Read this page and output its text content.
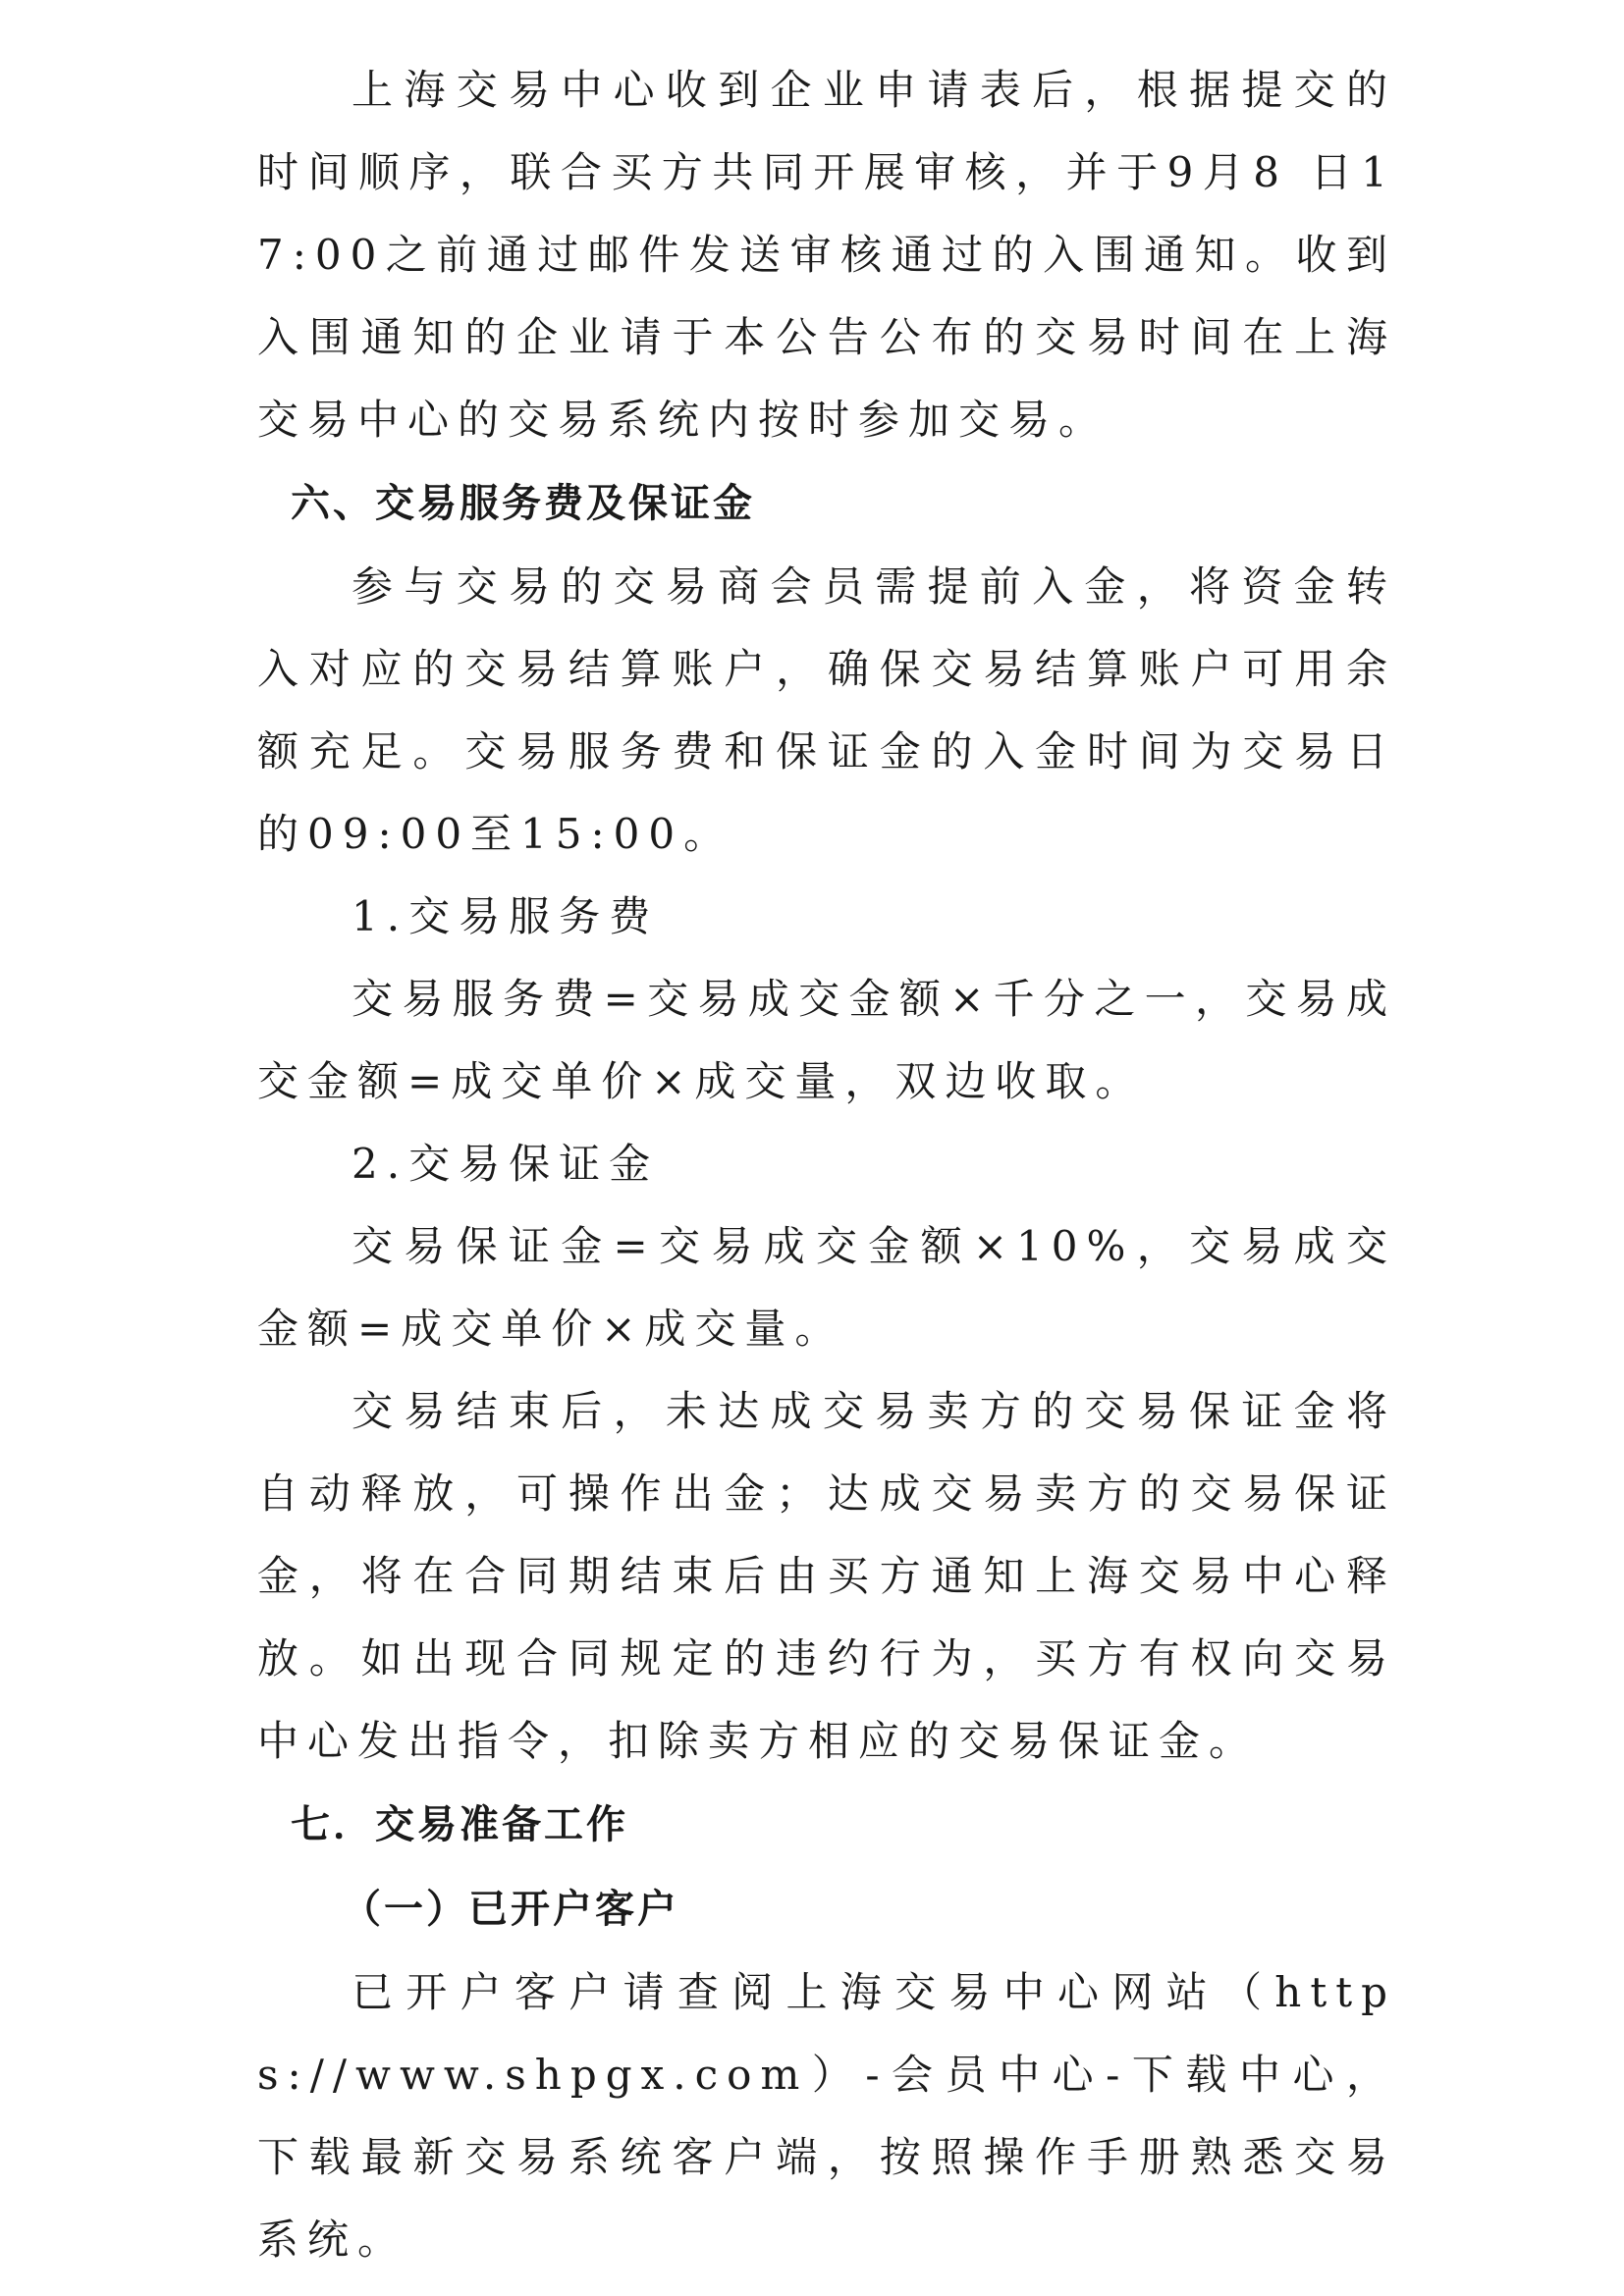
上海交易中心收到企业申请表后，根据提交的时间顺序，联合买方共同开展审核，并于9月8 日17:00之前通过邮件发送审核通过的入围通知。收到入围通知的企业请于本公告公布的交易时间在上海交易中心的交易系统内按时参加交易。

六、交易服务费及保证金

参与交易的交易商会员需提前入金，将资金转入对应的交易结算账户，确保交易结算账户可用余额充足。交易服务费和保证金的入金时间为交易日的09:00至15:00。

1.交易服务费

交易服务费=交易成交金额×千分之一，交易成交金额=成交单价×成交量，双边收取。

2.交易保证金

交易保证金=交易成交金额×10%，交易成交金额=成交单价×成交量。

交易结束后，未达成交易卖方的交易保证金将自动释放，可操作出金；达成交易卖方的交易保证金，将在合同期结束后由买方通知上海交易中心释放。如出现合同规定的违约行为，买方有权向交易中心发出指令，扣除卖方相应的交易保证金。

七．交易准备工作
（一）已开户客户

已开户客户请查阅上海交易中心网站（https://www.shpgx.com）-会员中心-下载中心，下载最新交易系统客户端，按照操作手册熟悉交易系统。
